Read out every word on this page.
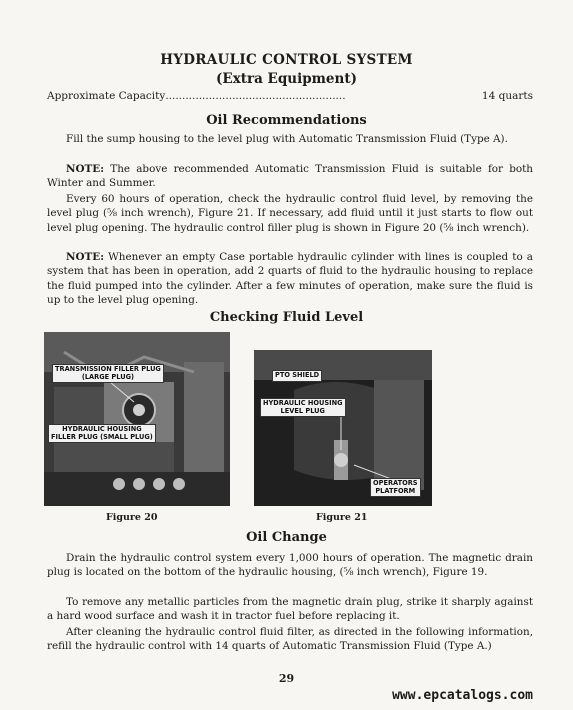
HYDRAULIC CONTROL SYSTEM
(Extra Equipment)
Approximate Capacity ......................................................	14 quarts
Oil Recommendations

Fill the sump housing to the level plug with Automatic Transmission Fluid (Type A).

NOTE: The above recommended Automatic Transmission Fluid is suitable for both Winter and Summer.

Every 60 hours of operation, check the hydraulic control fluid level, by removing the level plug (⅝ inch wrench), Figure 21. If necessary, add fluid until it just starts to flow out level plug opening. The hydraulic control filler plug is shown in Figure 20 (⅝ inch wrench).

NOTE: Whenever an empty Case portable hydraulic cylinder with lines is coupled to a system that has been in operation, add 2 quarts of fluid to the hydraulic housing to replace the fluid pumped into the cylinder. After a few minutes of operation, make sure the fluid is up to the level plug opening.

Checking Fluid Level
TRANSMISSION FILLER PLUG
(LARGE PLUG)
HYDRAULIC HOUSING
FILLER PLUG (SMALL PLUG)
Figure 20
PTO SHIELD
HYDRAULIC HOUSING
LEVEL PLUG
OPERATORS
PLATFORM
Figure 21
Oil Change

Drain the hydraulic control system every 1,000 hours of operation. The magnetic drain plug is located on the bottom of the hydraulic housing, (⅝ inch wrench), Figure 19.

To remove any metallic particles from the magnetic drain plug, strike it sharply against a hard wood surface and wash it in tractor fuel before replacing it.

After cleaning the hydraulic control fluid filter, as directed in the following information, refill the hydraulic control with 14 quarts of Automatic Transmission Fluid (Type A.)

29
www.epcatalogs.com
